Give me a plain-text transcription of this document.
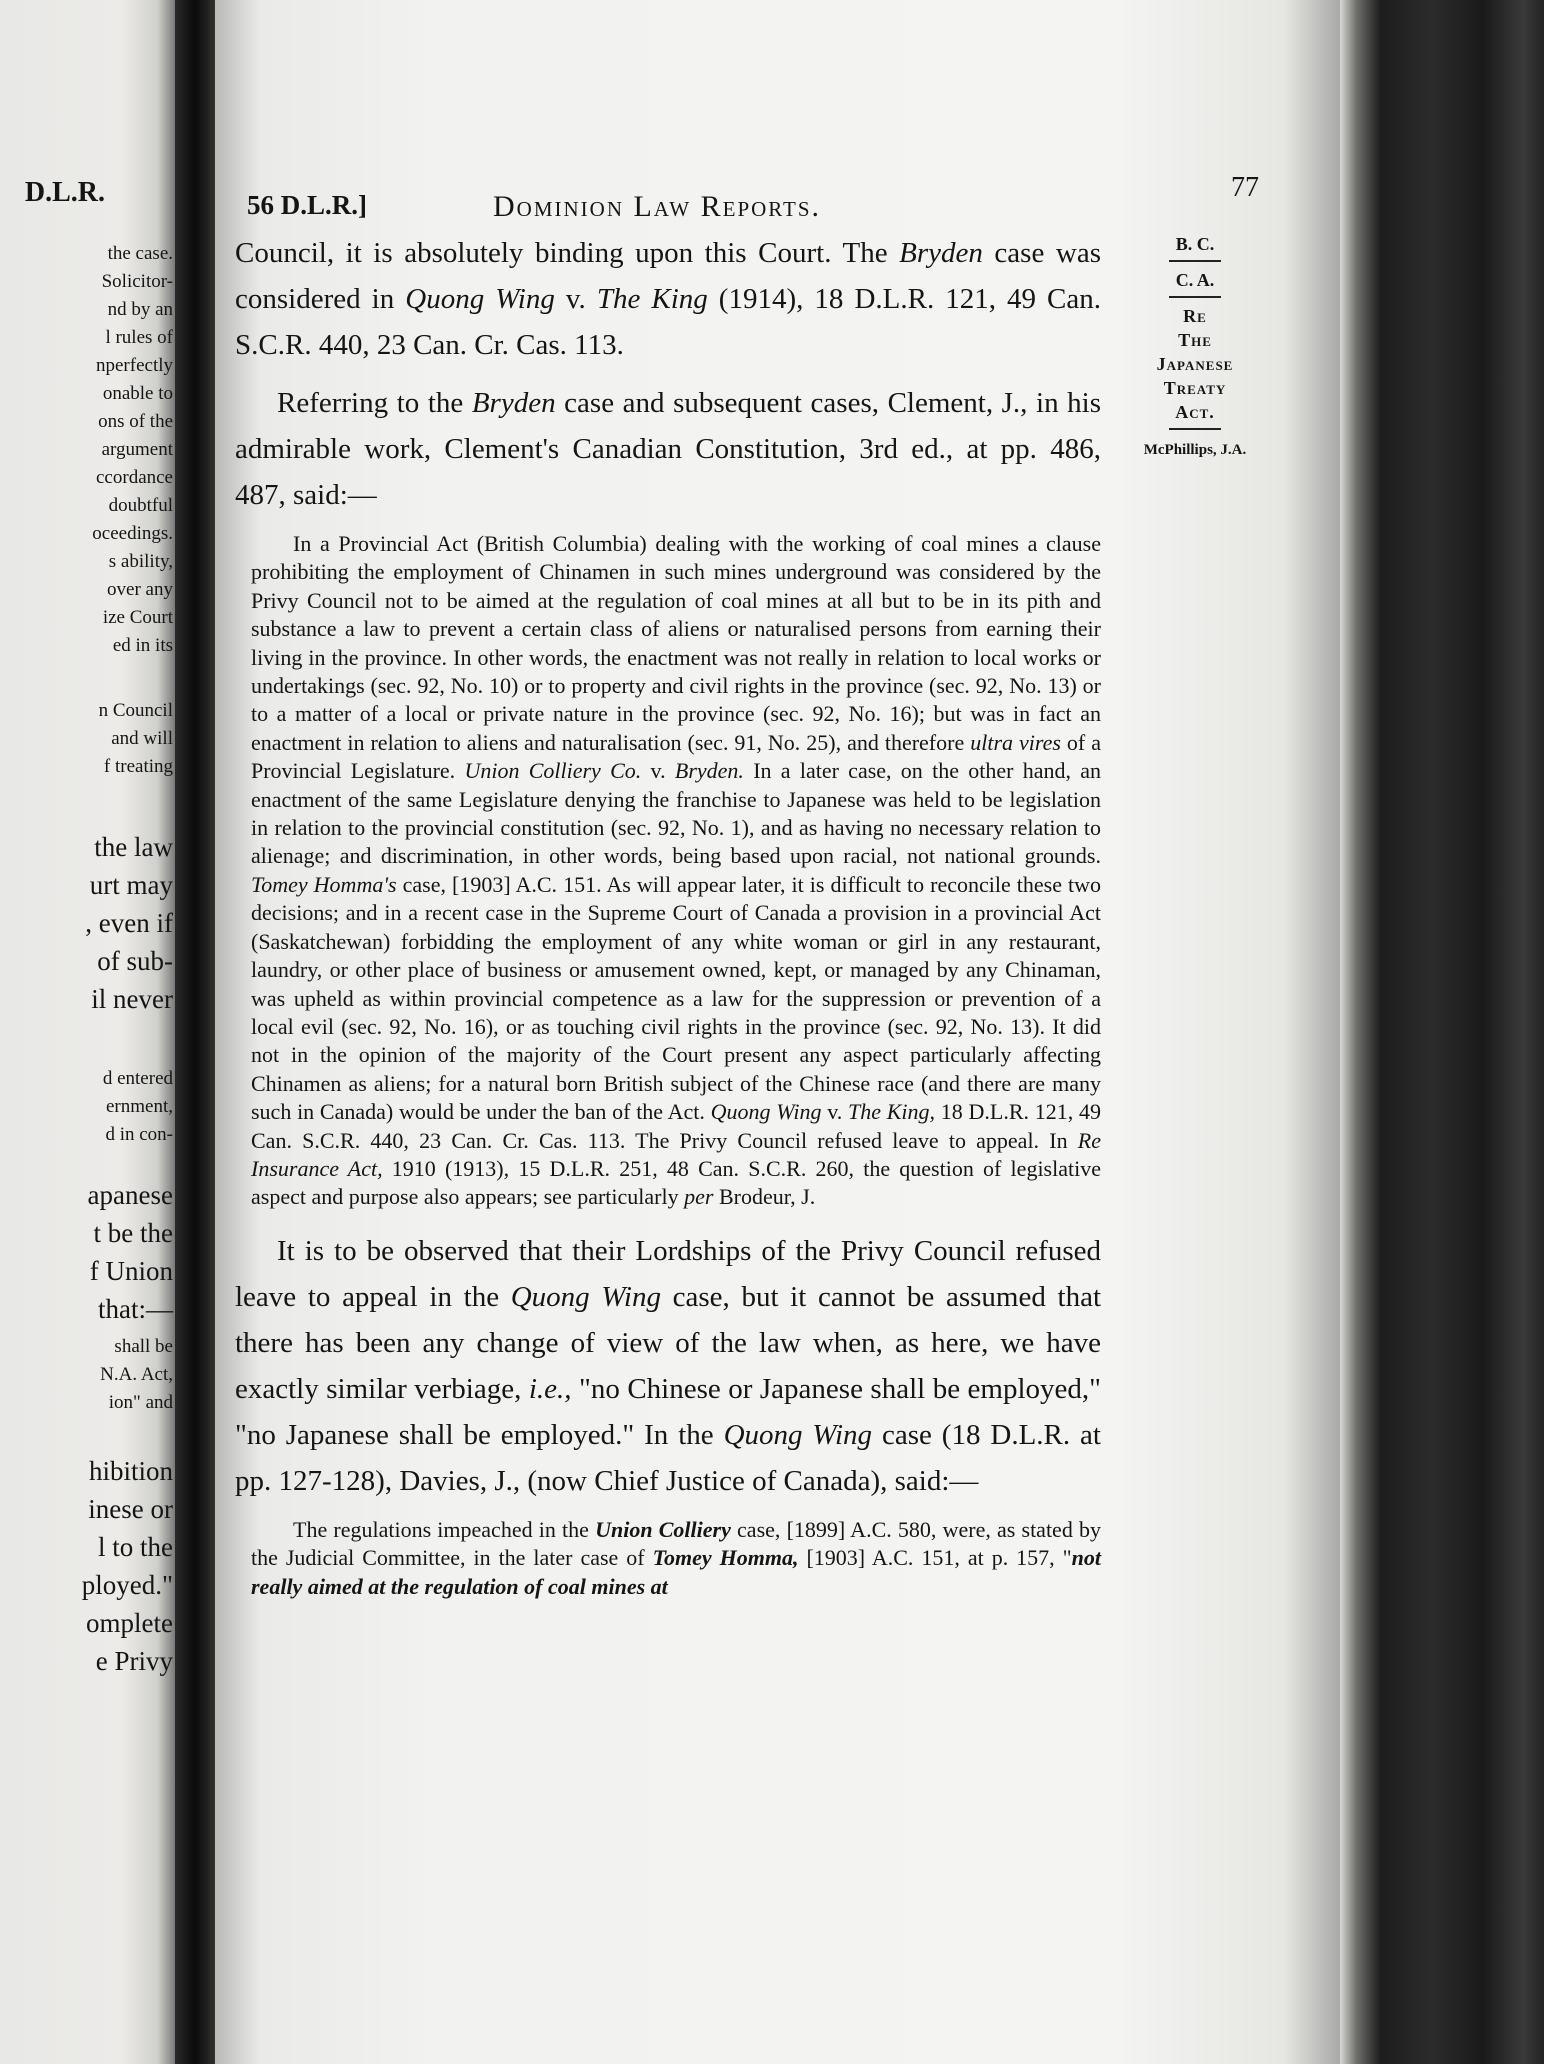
D.L.R.
the case.
Solicitor-
nd by an
l rules of
nperfectly
onable to
ons of the
argument
ccordance
doubtful
oceedings.
s ability,
over any
ize Court
ed in its
n Council
and will
f treating
the law
urt may
, even if
of sub-
il never
d entered
ernment,
d in con-
apanese
t be the
f Union
that:—
shall be
N.A. Act,
ion" and
hibition
inese or
l to the
ployed."
omplete
e Privy
56 D.L.R.]	Dominion Law Reports.
77
B. C.
C. A.
Re
The
Japanese
Treaty
Act.
McPhillips, J.A.

Council, it is absolutely binding upon this Court. The Bryden case was considered in Quong Wing v. The King (1914), 18 D.L.R. 121, 49 Can. S.C.R. 440, 23 Can. Cr. Cas. 113.

Referring to the Bryden case and subsequent cases, Clement, J., in his admirable work, Clement's Canadian Constitution, 3rd ed., at pp. 486, 487, said:—

In a Provincial Act (British Columbia) dealing with the working of coal mines a clause prohibiting the employment of Chinamen in such mines underground was considered by the Privy Council not to be aimed at the regulation of coal mines at all but to be in its pith and substance a law to prevent a certain class of aliens or naturalised persons from earning their living in the province. In other words, the enactment was not really in relation to local works or undertakings (sec. 92, No. 10) or to property and civil rights in the province (sec. 92, No. 13) or to a matter of a local or private nature in the province (sec. 92, No. 16); but was in fact an enactment in relation to aliens and naturalisation (sec. 91, No. 25), and therefore ultra vires of a Provincial Legislature. Union Colliery Co. v. Bryden. In a later case, on the other hand, an enactment of the same Legislature denying the franchise to Japanese was held to be legislation in relation to the provincial constitution (sec. 92, No. 1), and as having no necessary relation to alienage; and discrimination, in other words, being based upon racial, not national grounds. Tomey Homma's case, [1903] A.C. 151. As will appear later, it is difficult to reconcile these two decisions; and in a recent case in the Supreme Court of Canada a provision in a provincial Act (Saskatchewan) forbidding the employment of any white woman or girl in any restaurant, laundry, or other place of business or amusement owned, kept, or managed by any Chinaman, was upheld as within provincial competence as a law for the suppression or prevention of a local evil (sec. 92, No. 16), or as touching civil rights in the province (sec. 92, No. 13). It did not in the opinion of the majority of the Court present any aspect particularly affecting Chinamen as aliens; for a natural born British subject of the Chinese race (and there are many such in Canada) would be under the ban of the Act. Quong Wing v. The King, 18 D.L.R. 121, 49 Can. S.C.R. 440, 23 Can. Cr. Cas. 113. The Privy Council refused leave to appeal. In Re Insurance Act, 1910 (1913), 15 D.L.R. 251, 48 Can. S.C.R. 260, the question of legislative aspect and purpose also appears; see particularly per Brodeur, J.

It is to be observed that their Lordships of the Privy Council refused leave to appeal in the Quong Wing case, but it cannot be assumed that there has been any change of view of the law when, as here, we have exactly similar verbiage, i.e., "no Chinese or Japanese shall be employed," "no Japanese shall be employed." In the Quong Wing case (18 D.L.R. at pp. 127-128), Davies, J., (now Chief Justice of Canada), said:—

The regulations impeached in the Union Colliery case, [1899] A.C. 580, were, as stated by the Judicial Committee, in the later case of Tomey Homma, [1903] A.C. 151, at p. 157, "not really aimed at the regulation of coal mines at
